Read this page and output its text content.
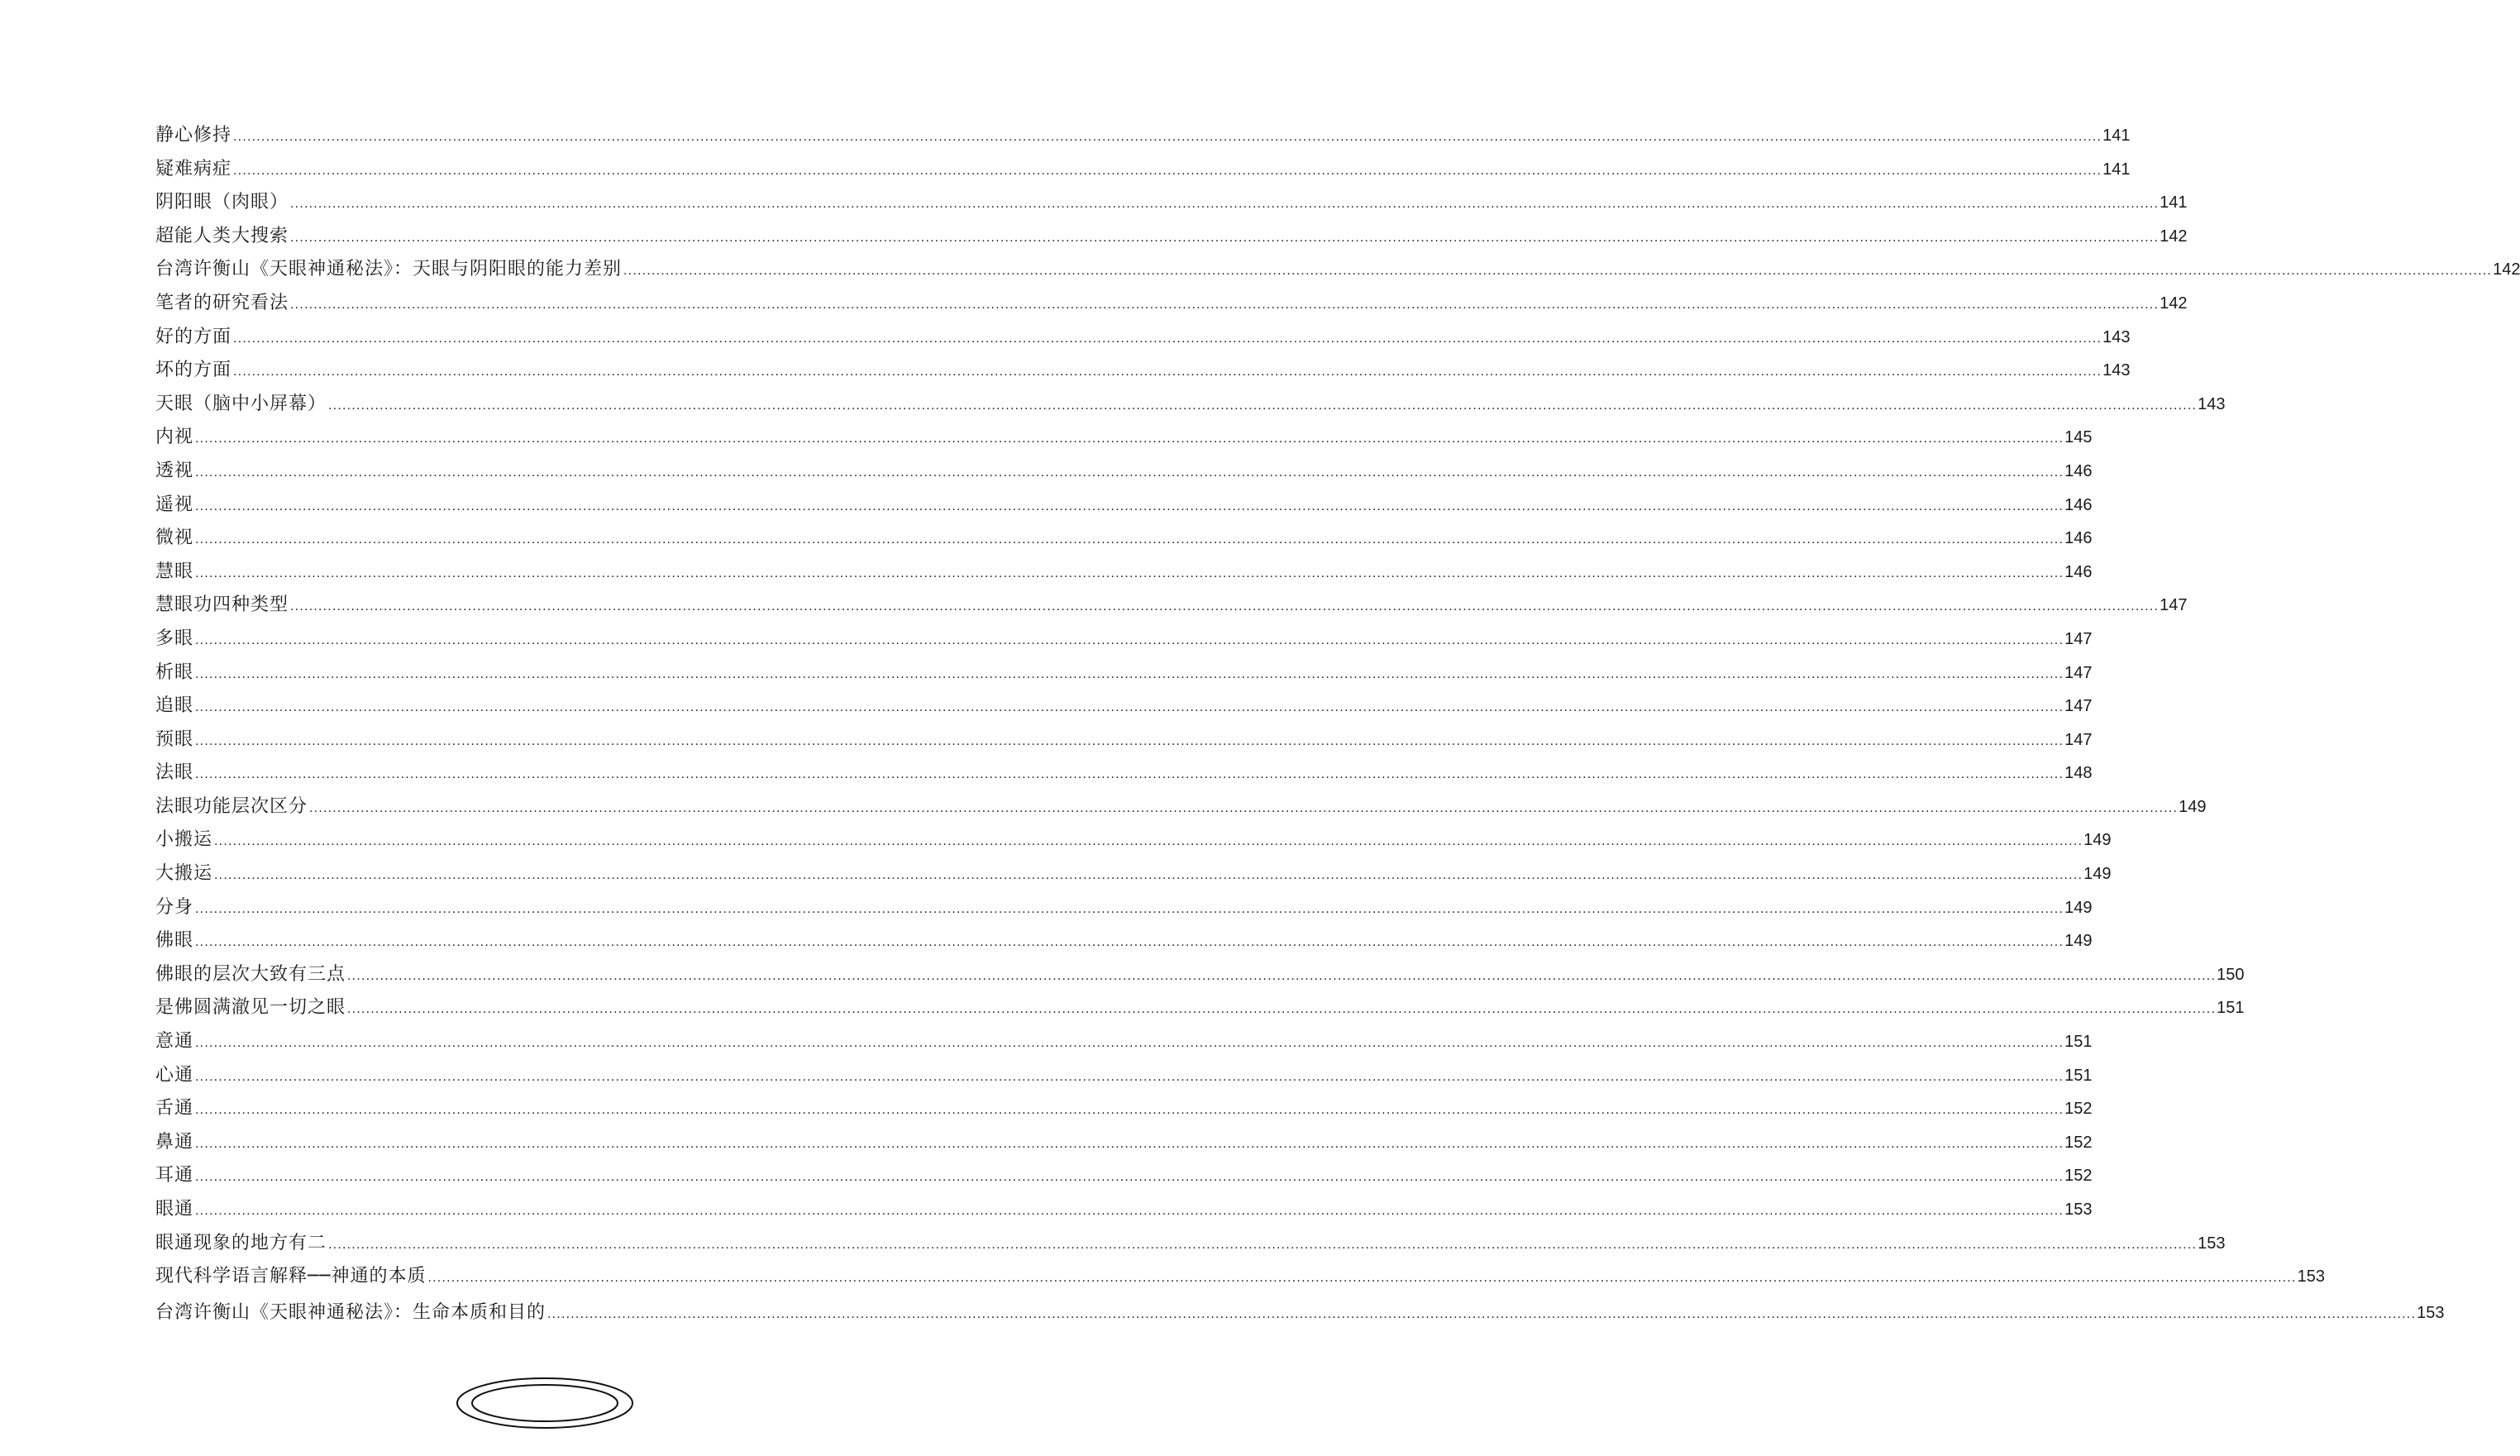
静心修持 ................................................................................................................................................................................................................................................................................................................................................................................................................ 141
疑难病症 ................................................................................................................................................................................................................................................................................................................................................................................................................ 141
阴阳眼（肉眼） ................................................................................................................................................................................................................................................................................................................................................................................................................ 141
超能人类大搜索 ................................................................................................................................................................................................................................................................................................................................................................................................................ 142
台湾许衡山《天眼神通秘法》：天眼与阴阳眼的能力差别 ................................................................................................................................................................................................................................................................................................................................................................................................................ 142
笔者的研究看法 ................................................................................................................................................................................................................................................................................................................................................................................................................ 142
好的方面 ................................................................................................................................................................................................................................................................................................................................................................................................................ 143
坏的方面 ................................................................................................................................................................................................................................................................................................................................................................................................................ 143
天眼（脑中小屏幕） ................................................................................................................................................................................................................................................................................................................................................................................................................ 143
内视 ................................................................................................................................................................................................................................................................................................................................................................................................................ 145
透视 ................................................................................................................................................................................................................................................................................................................................................................................................................ 146
遥视 ................................................................................................................................................................................................................................................................................................................................................................................................................ 146
微视 ................................................................................................................................................................................................................................................................................................................................................................................................................ 146
慧眼 ................................................................................................................................................................................................................................................................................................................................................................................................................ 146
慧眼功四种类型 ................................................................................................................................................................................................................................................................................................................................................................................................................ 147
多眼 ................................................................................................................................................................................................................................................................................................................................................................................................................ 147
析眼 ................................................................................................................................................................................................................................................................................................................................................................................................................ 147
追眼 ................................................................................................................................................................................................................................................................................................................................................................................................................ 147
预眼 ................................................................................................................................................................................................................................................................................................................................................................................................................ 147
法眼 ................................................................................................................................................................................................................................................................................................................................................................................................................ 148
法眼功能层次区分 ................................................................................................................................................................................................................................................................................................................................................................................................................ 149
小搬运 ................................................................................................................................................................................................................................................................................................................................................................................................................ 149
大搬运 ................................................................................................................................................................................................................................................................................................................................................................................................................ 149
分身 ................................................................................................................................................................................................................................................................................................................................................................................................................ 149
佛眼 ................................................................................................................................................................................................................................................................................................................................................................................................................ 149
佛眼的层次大致有三点 ................................................................................................................................................................................................................................................................................................................................................................................................................ 150
是佛圆满澈见一切之眼 ................................................................................................................................................................................................................................................................................................................................................................................................................ 151
意通 ................................................................................................................................................................................................................................................................................................................................................................................................................ 151
心通 ................................................................................................................................................................................................................................................................................................................................................................................................................ 151
舌通 ................................................................................................................................................................................................................................................................................................................................................................................................................ 152
鼻通 ................................................................................................................................................................................................................................................................................................................................................................................................................ 152
耳通 ................................................................................................................................................................................................................................................................................................................................................................................................................ 152
眼通 ................................................................................................................................................................................................................................................................................................................................................................................................................ 153
眼通现象的地方有二 ................................................................................................................................................................................................................................................................................................................................................................................................................ 153
现代科学语言解释──神通的本质 ................................................................................................................................................................................................................................................................................................................................................................................................................ 153
台湾许衡山《天眼神通秘法》：生命本质和目的 ................................................................................................................................................................................................................................................................................................................................................................................................................ 153
